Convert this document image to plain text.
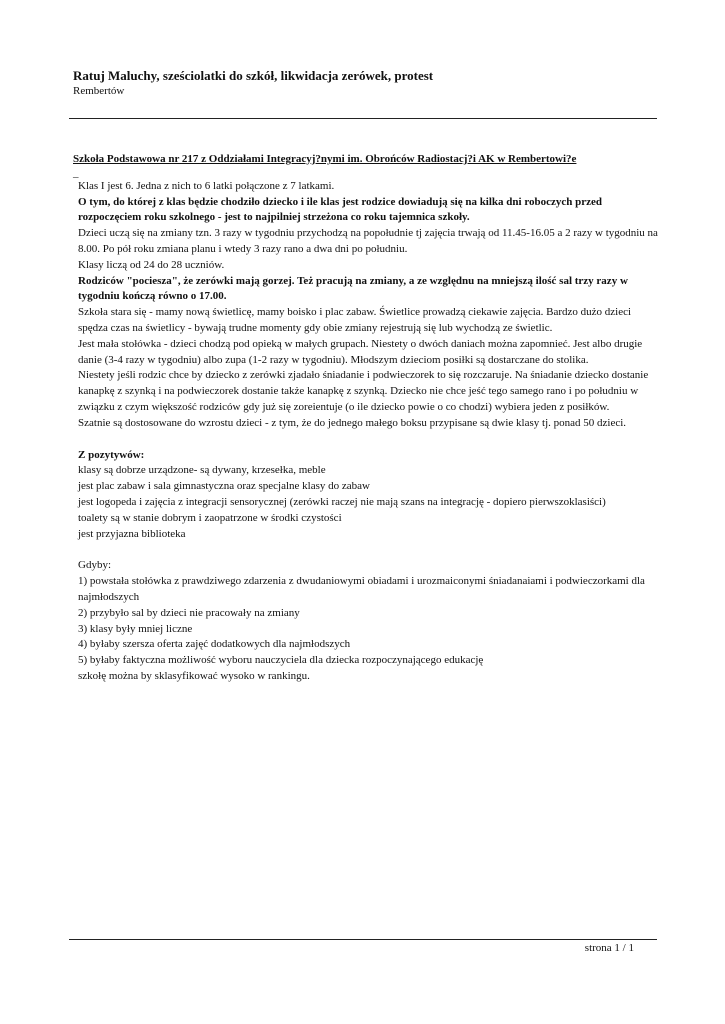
Ratuj Maluchy, sześciolatki do szkół, likwidacja zerówek, protest
Rembertów

Szkoła Podstawowa nr 217 z Oddziałami Integracyj?nymi im. Obrońców Radiostacj?i AK w Rembertowi?e

_

Klas I jest 6. Jedna z nich to 6 latki połączone z 7 latkami.

O tym, do której z klas będzie chodziło dziecko i ile klas jest rodzice dowiadują się na kilka dni roboczych przed rozpoczęciem roku szkolnego - jest to najpilniej strzeżona co roku tajemnica szkoły.

Dzieci uczą się na zmiany tzn. 3 razy w tygodniu przychodzą na popołudnie tj zajęcia trwają od 11.45-16.05 a 2 razy w tygodniu na 8.00. Po pół roku zmiana planu i wtedy 3 razy rano a dwa dni po południu.

Klasy liczą od 24 do 28 uczniów.

Rodziców "pociesza", że zerówki mają gorzej. Też pracują na zmiany, a ze względnu na mniejszą ilość sal trzy razy w tygodniu kończą równo o 17.00.

Szkoła stara się - mamy nową świetlicę, mamy boisko i plac zabaw. Świetlice prowadzą ciekawie zajęcia. Bardzo dużo dzieci spędza czas na świetlicy - bywają trudne momenty gdy obie zmiany rejestrują się lub wychodzą ze świetlic.

Jest mała stołówka - dzieci chodzą pod opieką w małych grupach. Niestety o dwóch daniach można zapomnieć. Jest albo drugie danie (3-4 razy w tygodniu) albo zupa (1-2 razy w tygodniu). Młodszym dzieciom posiłki są dostarczane do stolika.

Niestety jeśli rodzic chce by dziecko z zerówki zjadało śniadanie i podwieczorek to się rozczaruje. Na śniadanie dziecko dostanie kanapkę z szynką i na podwieczorek dostanie także kanapkę z szynką. Dziecko nie chce jeść tego samego rano i po południu w związku z czym większość rodziców gdy już się zoreientuje (o ile dziecko powie o co chodzi) wybiera jeden z posiłków.

Szatnie są dostosowane do wzrostu dzieci - z tym, że do jednego małego boksu przypisane są dwie klasy tj. ponad 50 dzieci.

Z pozytywów:

klasy są dobrze urządzone- są dywany, krzesełka, meble

jest plac zabaw i sala gimnastyczna oraz specjalne klasy do zabaw

jest logopeda i zajęcia z integracji sensorycznej (zerówki raczej nie mają szans na integrację - dopiero pierwszoklasiści)

toalety są w stanie dobrym i zaopatrzone w środki czystości

jest przyjazna biblioteka

Gdyby:

1) powstała stołówka z prawdziwego zdarzenia z dwudaniowymi obiadami i urozmaiconymi śniadanaiami i podwieczorkami dla najmłodszych

2) przybyło sal by dzieci nie pracowały na zmiany

3) klasy były mniej liczne

4) byłaby szersza oferta zajęć dodatkowych dla najmłodszych

5) byłaby faktyczna możliwość wyboru nauczyciela dla dziecka rozpoczynającego edukację

szkołę można by sklasyfikować wysoko w rankingu.

strona 1 / 1
